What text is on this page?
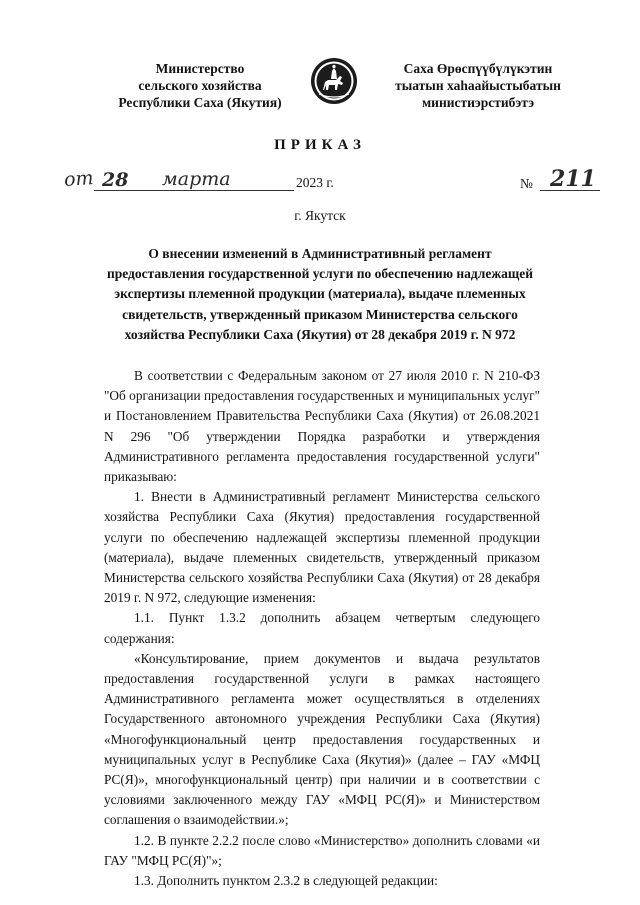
Министерство
сельского хозяйства
Республики Саха (Якутия)
Саха Өрөспүүбүлүкэтин
тыатын хаһаайыстыбатын
министиэрстибэтэ
ПРИКАЗ
от 28 марта	2023 г.	№ 211
г. Якутск
О внесении изменений в Административный регламент
предоставления государственной услуги по обеспечению надлежащей
экспертизы племенной продукции (материала), выдаче племенных
свидетельств, утвержденный приказом Министерства сельского
хозяйства Республики Саха (Якутия) от 28 декабря 2019 г. N 972

В соответствии с Федеральным законом от 27 июля 2010 г. N 210-ФЗ "Об организации предоставления государственных и муниципальных услуг" и Постановлением Правительства Республики Саха (Якутия) от 26.08.2021 N 296 "Об утверждении Порядка разработки и утверждения Административного регламента предоставления государственной услуги" приказываю:

1. Внести в Административный регламент Министерства сельского хозяйства Республики Саха (Якутия) предоставления государственной услуги по обеспечению надлежащей экспертизы племенной продукции (материала), выдаче племенных свидетельств, утвержденный приказом Министерства сельского хозяйства Республики Саха (Якутия) от 28 декабря 2019 г. N 972, следующие изменения:

1.1. Пункт 1.3.2 дополнить абзацем четвертым следующего содержания:

«Консультирование, прием документов и выдача результатов предоставления государственной услуги в рамках настоящего Административного регламента может осуществляться в отделениях Государственного автономного учреждения Республики Саха (Якутия) «Многофункциональный центр предоставления государственных и муниципальных услуг в Республике Саха (Якутия)» (далее – ГАУ «МФЦ РС(Я)», многофункциональный центр) при наличии и в соответствии с условиями заключенного между ГАУ «МФЦ РС(Я)» и Министерством соглашения о взаимодействии.»;

1.2. В пункте 2.2.2 после слово «Министерство» дополнить словами «и ГАУ "МФЦ РС(Я)"»;

1.3. Дополнить пунктом 2.3.2 в следующей редакции:
